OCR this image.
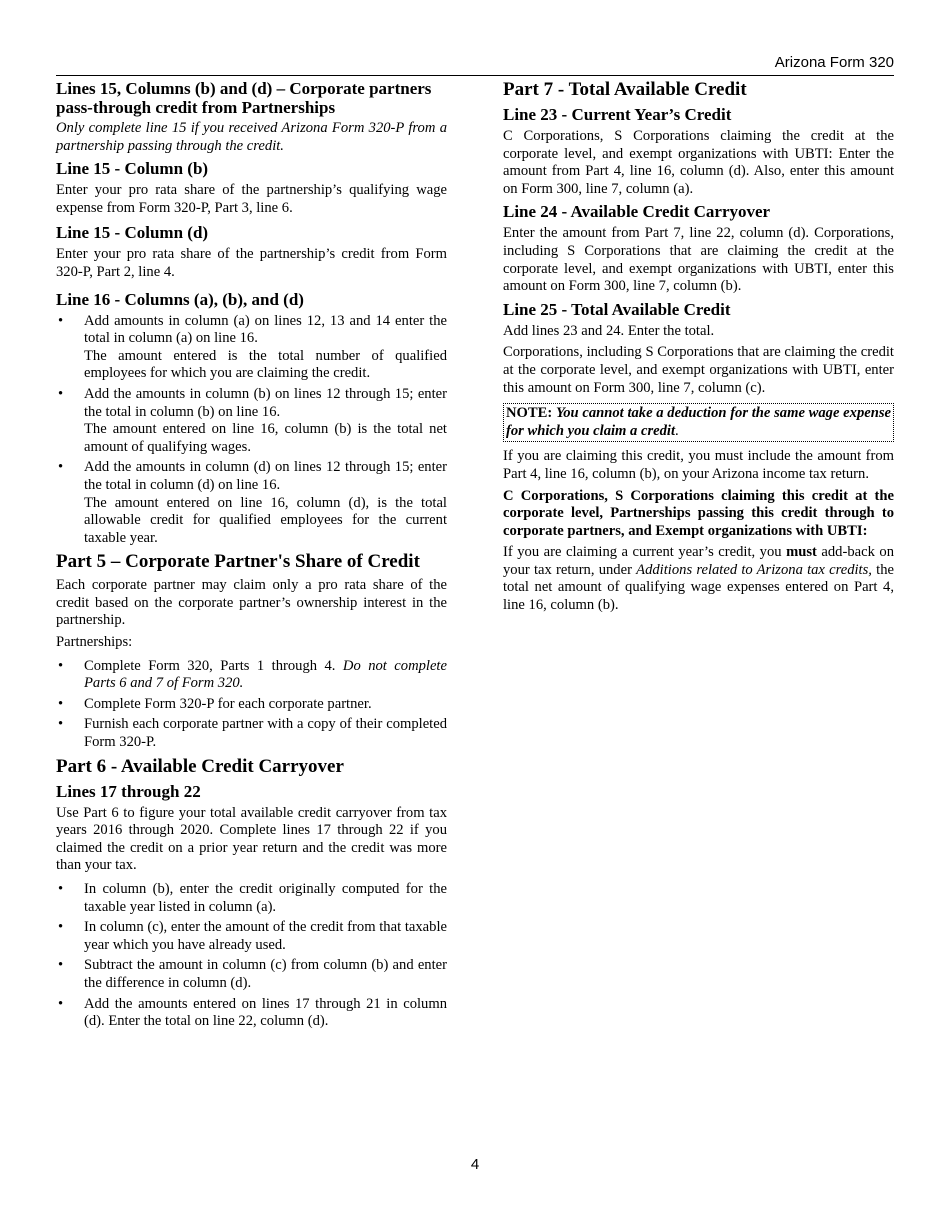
Arizona Form 320
Lines 15, Columns (b) and (d) – Corporate partners pass-through credit from Partnerships

Only complete line 15 if you received Arizona Form 320-P from a partnership passing through the credit.

Line 15 - Column (b)

Enter your pro rata share of the partnership’s qualifying wage expense from Form 320-P, Part 3, line 6.

Line 15 - Column (d)

Enter your pro rata share of the partnership’s credit from Form 320-P, Part 2, line 4.

Line 16 - Columns (a), (b), and (d)
• Add amounts in column (a) on lines 12, 13 and 14 enter the total in column (a) on line 16.
The amount entered is the total number of qualified employees for which you are claiming the credit.
• Add the amounts in column (b) on lines 12 through 15; enter the total in column (b) on line 16.
The amount entered on line 16, column (b) is the total net amount of qualifying wages.
• Add the amounts in column (d) on lines 12 through 15; enter the total in column (d) on line 16.
The amount entered on line 16, column (d), is the total allowable credit for qualified employees for the current taxable year.
Part 5 – Corporate Partner's Share of Credit

Each corporate partner may claim only a pro rata share of the credit based on the corporate partner’s ownership interest in the partnership.

Partnerships:

• Complete Form 320, Parts 1 through 4. Do not complete Parts 6 and 7 of Form 320.
• Complete Form 320-P for each corporate partner.
• Furnish each corporate partner with a copy of their completed Form 320-P.
Part 6 - Available Credit Carryover
Lines 17 through 22

Use Part 6 to figure your total available credit carryover from tax years 2016 through 2020. Complete lines 17 through 22 if you claimed the credit on a prior year return and the credit was more than your tax.

• In column (b), enter the credit originally computed for the taxable year listed in column (a).
• In column (c), enter the amount of the credit from that taxable year which you have already used.
• Subtract the amount in column (c) from column (b) and enter the difference in column (d).
• Add the amounts entered on lines 17 through 21 in column (d). Enter the total on line 22, column (d).
Part 7 - Total Available Credit
Line 23 - Current Year’s Credit

C Corporations, S Corporations claiming the credit at the corporate level, and exempt organizations with UBTI: Enter the amount from Part 4, line 16, column (d). Also, enter this amount on Form 300, line 7, column (a).

Line 24 - Available Credit Carryover

Enter the amount from Part 7, line 22, column (d). Corporations, including S Corporations that are claiming the credit at the corporate level, and exempt organizations with UBTI, enter this amount on Form 300, line 7, column (b).

Line 25 - Total Available Credit

Add lines 23 and 24. Enter the total.

Corporations, including S Corporations that are claiming the credit at the corporate level, and exempt organizations with UBTI, enter this amount on Form 300, line 7, column (c).

NOTE: You cannot take a deduction for the same wage expense for which you claim a credit.

If you are claiming this credit, you must include the amount from Part 4, line 16, column (b), on your Arizona income tax return.

C Corporations, S Corporations claiming this credit at the corporate level, Partnerships passing this credit through to corporate partners, and Exempt organizations with UBTI:

If you are claiming a current year’s credit, you must add-back on your tax return, under Additions related to Arizona tax credits, the total net amount of qualifying wage expenses entered on Part 4, line 16, column (b).

4
